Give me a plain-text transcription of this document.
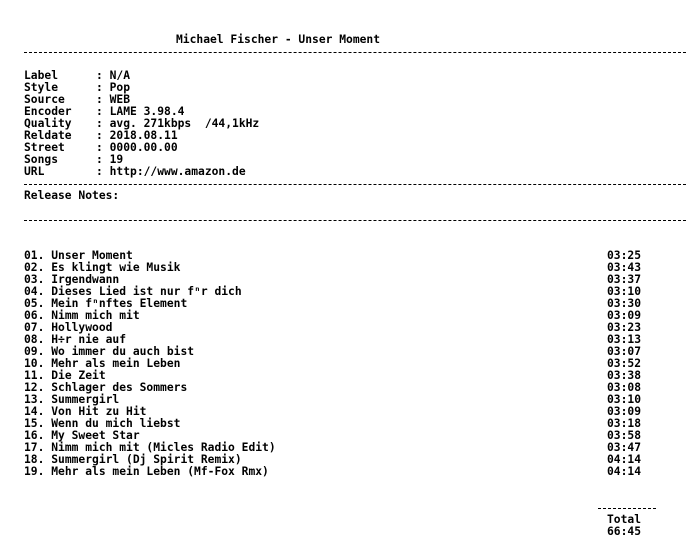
Michael Fischer - Unser Moment
Label	: N/A
Style	: Pop
Source	: WEB
Encoder : LAME 3.98.4
Quality : avg. 271kbps  /44,1kHz
Reldate : 2018.08.11
Street	: 0000.00.00
Songs	: 19
URL	: http://www.amazon.de
Release Notes:
01. Unser Moment	03:25
02. Es klingt wie Musik	03:43
03. Irgendwann	03:37
04. Dieses Lied ist nur fⁿr dich	03:10
05. Mein fⁿnftes Element	03:30
06. Nimm mich mit	03:09
07. Hollywood	03:23
08. H÷r nie auf	03:13
09. Wo immer du auch bist	03:07
10. Mehr als mein Leben	03:52
11. Die Zeit	03:38
12. Schlager des Sommers	03:08
13. Summergirl	03:10
14. Von Hit zu Hit	03:09
15. Wenn du mich liebst	03:18
16. My Sweet Star	03:58
17. Nimm mich mit (Micles Radio Edit)	03:47
18. Summergirl (Dj Spirit Remix)	04:14
19. Mehr als mein Leben (Mf-Fox Rmx)	04:14
Total
66:45
